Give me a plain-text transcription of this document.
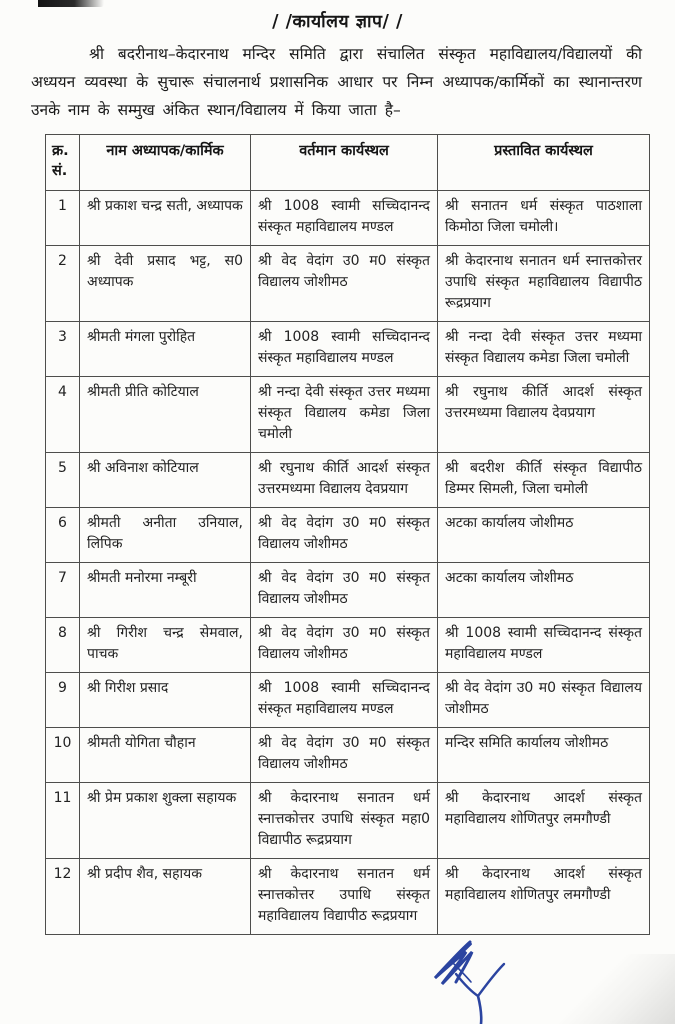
/ /कार्यालय ज्ञाप/ /

श्री बदरीनाथ–केदारनाथ मन्दिर समिति द्वारा संचालित संस्कृत महाविद्यालय/विद्यालयों की अध्ययन व्यवस्था के सुचारू संचालनार्थ प्रशासनिक आधार पर निम्न अध्यापक/कार्मिकों का स्थानान्तरण उनके नाम के सम्मुख अंकित स्थान/विद्यालय में किया जाता है–

क्र.
सं.	नाम अध्यापक/कार्मिक	वर्तमान कार्यस्थल	प्रस्तावित कार्यस्थल
1	श्री प्रकाश चन्द्र सती, अध्यापक	श्री 1008 स्वामी सच्चिदानन्द संस्कृत महाविद्यालय मण्डल	श्री सनातन धर्म संस्कृत पाठशाला किमोठा जिला चमोली।
2	श्री देवी प्रसाद भट्ट, स0 अध्यापक	श्री वेद वेदांग उ0 म0 संस्कृत विद्यालय जोशीमठ	श्री केदारनाथ सनातन धर्म स्नात्तकोत्तर उपाधि संस्कृत महाविद्यालय विद्यापीठ रूद्रप्रयाग
3	श्रीमती मंगला पुरोहित	श्री 1008 स्वामी सच्चिदानन्द संस्कृत महाविद्यालय मण्डल	श्री नन्दा देवी संस्कृत उत्तर मध्यमा संस्कृत विद्यालय कमेडा जिला चमोली
4	श्रीमती प्रीति कोटियाल	श्री नन्दा देवी संस्कृत उत्तर मध्यमा संस्कृत विद्यालय कमेडा जिला चमोली	श्री रघुनाथ कीर्ति आदर्श संस्कृत उत्तरमध्यमा विद्यालय देवप्रयाग
5	श्री अविनाश कोटियाल	श्री रघुनाथ कीर्ति आदर्श संस्कृत उत्तरमध्यमा विद्यालय देवप्रयाग	श्री बदरीश कीर्ति संस्कृत विद्यापीठ डिम्मर सिमली, जिला चमोली
6	श्रीमती अनीता उनियाल, लिपिक	श्री वेद वेदांग उ0 म0 संस्कृत विद्यालय जोशीमठ	अटका कार्यालय जोशीमठ
7	श्रीमती मनोरमा नम्बूरी	श्री वेद वेदांग उ0 म0 संस्कृत विद्यालय जोशीमठ	अटका कार्यालय जोशीमठ
8	श्री गिरीश चन्द्र सेमवाल, पाचक	श्री वेद वेदांग उ0 म0 संस्कृत विद्यालय जोशीमठ	श्री 1008 स्वामी सच्चिदानन्द संस्कृत महाविद्यालय मण्डल
9	श्री गिरीश प्रसाद	श्री 1008 स्वामी सच्चिदानन्द संस्कृत महाविद्यालय मण्डल	श्री वेद वेदांग उ0 म0 संस्कृत विद्यालय जोशीमठ
10	श्रीमती योगिता चौहान	श्री वेद वेदांग उ0 म0 संस्कृत विद्यालय जोशीमठ	मन्दिर समिति कार्यालय जोशीमठ
11	श्री प्रेम प्रकाश शुक्ला सहायक	श्री केदारनाथ सनातन धर्म स्नात्तकोत्तर उपाधि संस्कृत महा0 विद्यापीठ रूद्रप्रयाग	श्री केदारनाथ आदर्श संस्कृत महाविद्यालय शोणितपुर लमगौण्डी
12	श्री प्रदीप शैव, सहायक	श्री केदारनाथ सनातन धर्म स्नात्तकोत्तर उपाधि संस्कृत महाविद्यालय विद्यापीठ रूद्रप्रयाग	श्री केदारनाथ आदर्श संस्कृत महाविद्यालय शोणितपुर लमगौण्डी
